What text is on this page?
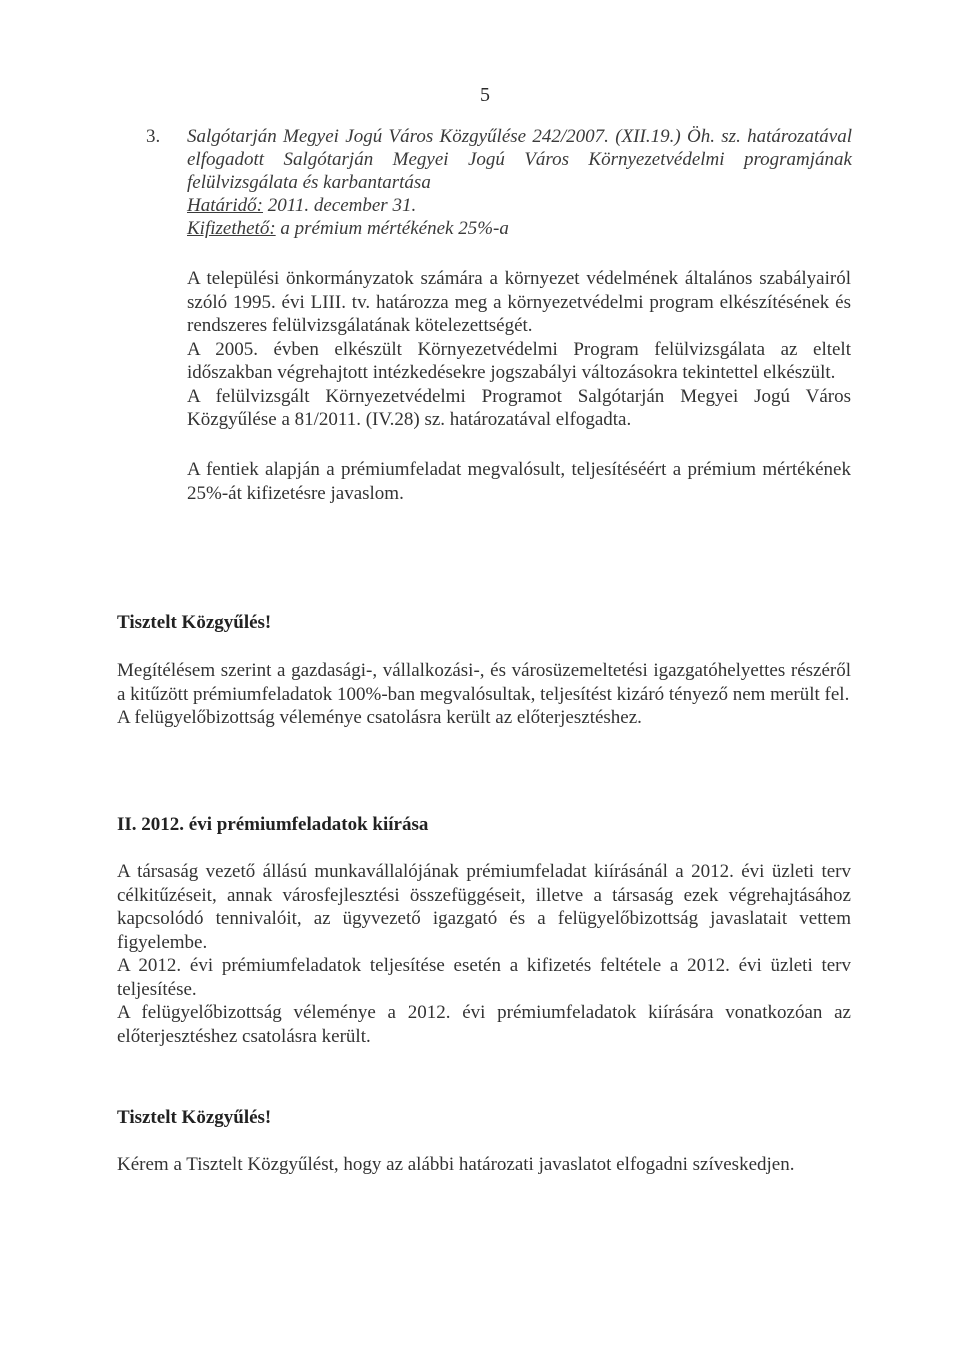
5
3. Salgótarján Megyei Jogú Város Közgyűlése 242/2007. (XII.19.) Öh. sz. határozatával elfogadott Salgótarján Megyei Jogú Város Környezetvédelmi programjának felülvizsgálata és karbantartása
Határidő: 2011. december 31.
Kifizethető: a prémium mértékének 25%-a
A települési önkormányzatok számára a környezet védelmének általános szabályairól szóló 1995. évi LIII. tv. határozza meg a környezetvédelmi program elkészítésének és rendszeres felülvizsgálatának kötelezettségét.
A 2005. évben elkészült Környezetvédelmi Program felülvizsgálata az eltelt időszakban végrehajtott intézkedésekre jogszabályi változásokra tekintettel elkészült.
A felülvizsgált Környezetvédelmi Programot Salgótarján Megyei Jogú Város Közgyűlése a 81/2011. (IV.28) sz. határozatával elfogadta.
A fentiek alapján a prémiumfeladat megvalósult, teljesítéséért a prémium mértékének 25%-át kifizetésre javaslom.
Tisztelt Közgyűlés!
Megítélésem szerint a gazdasági-, vállalkozási-, és városüzemeltetési igazgatóhelyettes részéről a kitűzött prémiumfeladatok 100%-ban megvalósultak, teljesítést kizáró tényező nem merült fel.
A felügyelőbizottság véleménye csatolásra került az előterjesztéshez.
II. 2012. évi prémiumfeladatok kiírása
A társaság vezető állású munkavállalójának prémiumfeladat kiírásánál a 2012. évi üzleti terv célkitűzéseit, annak városfejlesztési összefüggéseit, illetve a társaság ezek végrehajtásához kapcsolódó tennivalóit, az ügyvezető igazgató és a felügyelőbizottság javaslatait vettem figyelembe.
A 2012. évi prémiumfeladatok teljesítése esetén a kifizetés feltétele a 2012. évi üzleti terv teljesítése.
A felügyelőbizottság véleménye a 2012. évi prémiumfeladatok kiírására vonatkozóan az előterjesztéshez csatolásra került.
Tisztelt Közgyűlés!
Kérem a Tisztelt Közgyűlést, hogy az alábbi határozati javaslatot elfogadni szíveskedjen.
